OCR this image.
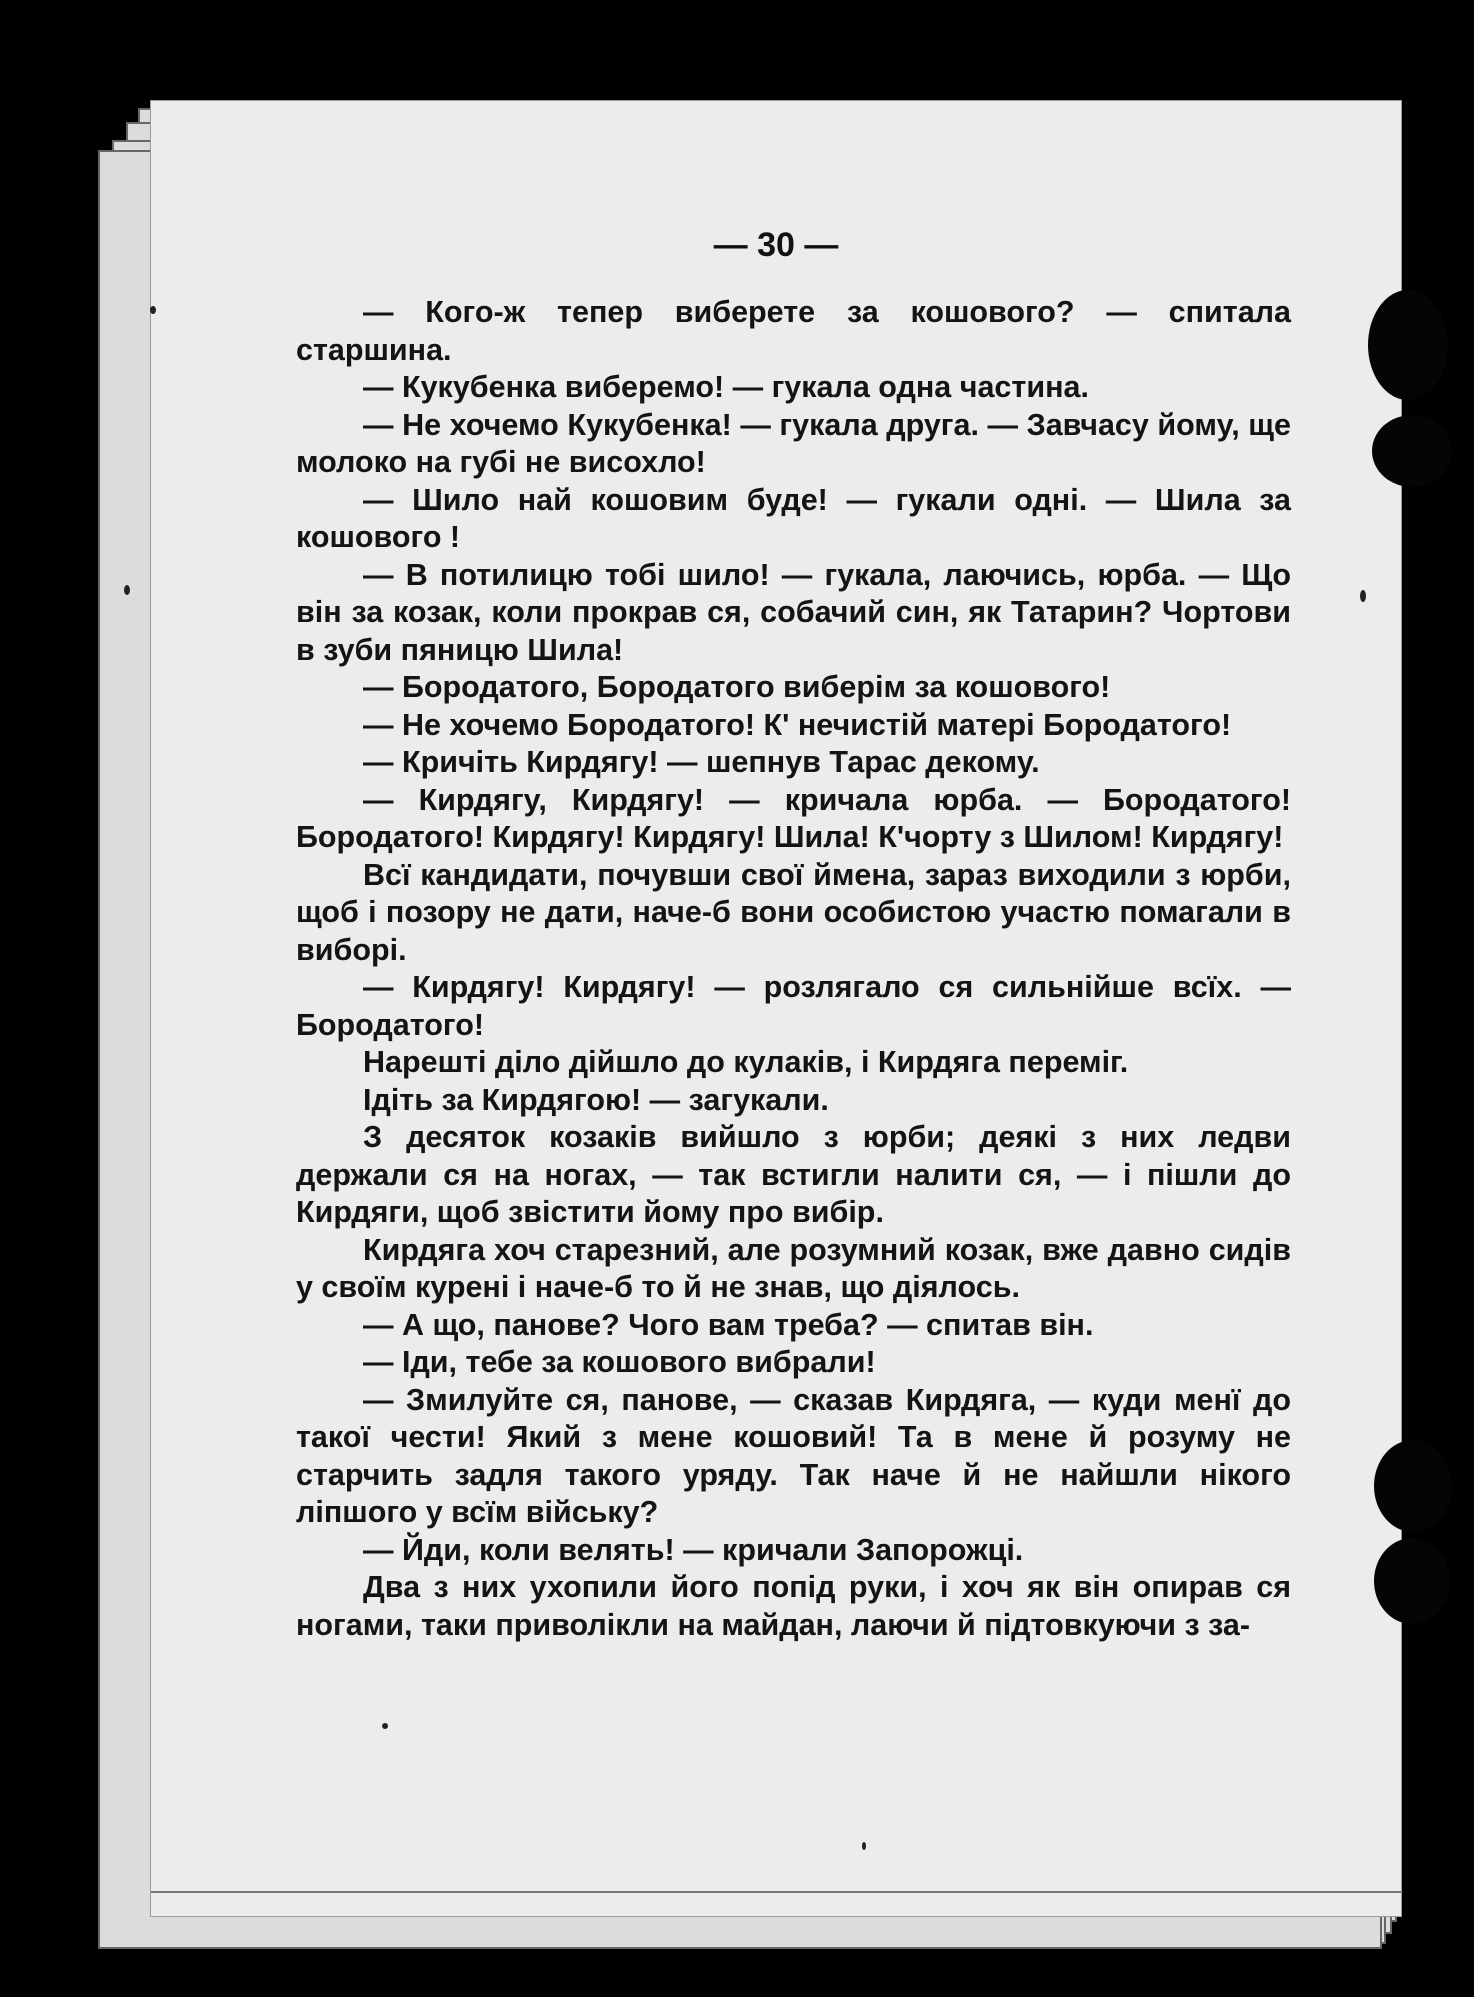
— 30 —

— Кого-ж тепер виберете за кошового? — спитала старшина.

— Кукубенка виберемо! — гукала одна частина.

— Не хочемо Кукубенка! — гукала друга. — Завчасу йому, ще молоко на губі не висохло!

— Шило най кошовим буде! — гукали одні. — Шила за кошового !

— В потилицю тобі шило! — гукала, лаючись, юрба. — Що він за козак, коли прокрав ся, собачий син, як Татарин? Чортови в зуби пяницю Шила!

— Бородатого, Бородатого виберім за кошового!

— Не хочемо Бородатого! К' нечистій матері Бородатого!

— Кричіть Кирдягу! — шепнув Тарас декому.

— Кирдягу, Кирдягу! — кричала юрба. — Бородатого! Бородатого! Кирдягу! Кирдягу! Шила! К'чорту з Шилом! Кирдягу!

Всї кандидати, почувши свої ймена, зараз виходили з юрби, щоб і позору не дати, наче-б вони особистою участю помагали в виборі.

— Кирдягу! Кирдягу! — розлягало ся сильнійше всїх. — Бородатого!

Нарешті діло дійшло до кулаків, і Кирдяга переміг.

Ідіть за Кирдягою! — загукали.

З десяток козаків вийшло з юрби; деякі з них ледви держали ся на ногах, — так встигли налити ся, — і пішли до Кирдяги, щоб звістити йому про вибір.

Кирдяга хоч старезний, але розумний козак, вже давно сидів у своїм курені і наче-б то й не знав, що діялось.

— А що, панове? Чого вам треба? — спитав він.

— Іди, тебе за кошового вибрали!

— Змилуйте ся, панове, — сказав Кирдяга, — куди менї до такої чести! Який з мене кошовий! Та в мене й розуму не старчить задля такого уряду. Так наче й не найшли нікого ліпшого у всїм війську?

— Йди, коли велять! — кричали Запорожці.

Два з них ухопили його попід руки, і хоч як він опирав ся ногами, таки приволікли на майдан, лаючи й підтовкуючи з за-
